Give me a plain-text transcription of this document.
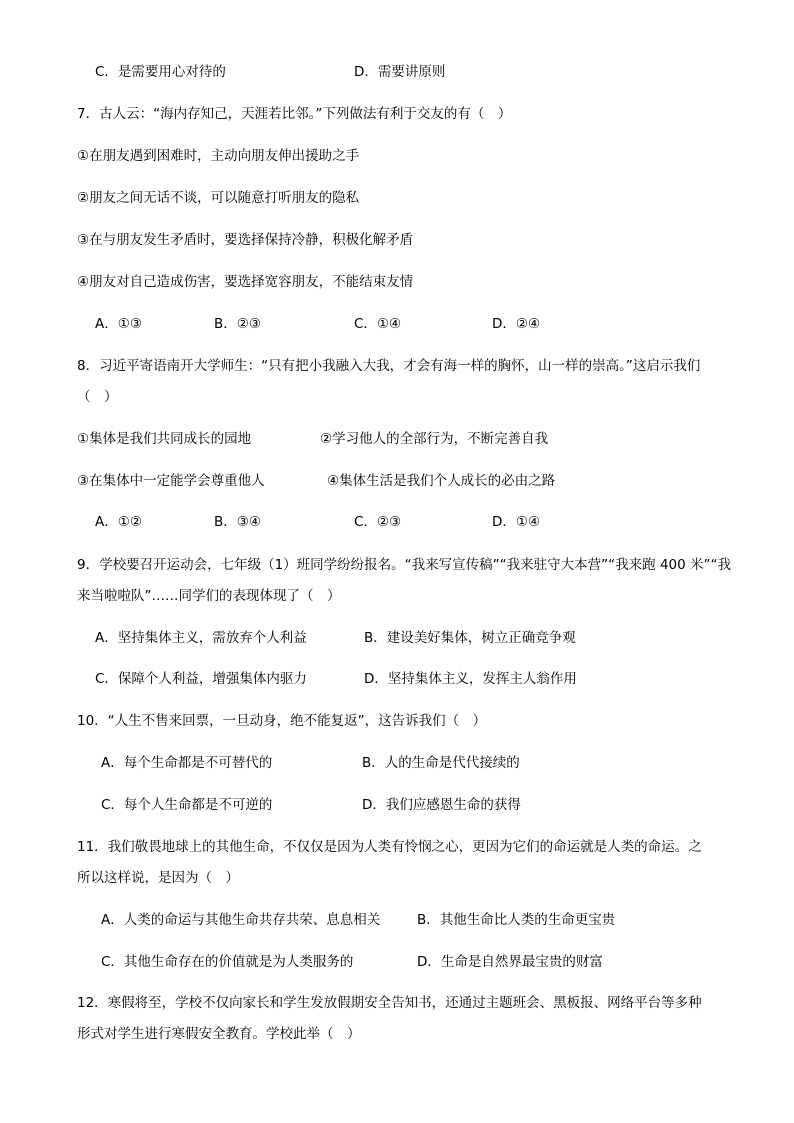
C．是需要用心对待的	D．需要讲原则
7．古人云：“海内存知己，天涯若比邻。”下列做法有利于交友的有（　）
①在朋友遇到困难时，主动向朋友伸出援助之手
②朋友之间无话不谈，可以随意打听朋友的隐私
③在与朋友发生矛盾时，要选择保持冷静，积极化解矛盾
④朋友对自己造成伤害，要选择宽容朋友，不能结束友情
A．①③	B．②③	C．①④	D．②④
8．习近平寄语南开大学师生：“只有把小我融入大我，才会有海一样的胸怀，山一样的崇高。”这启示我们
（　）
①集体是我们共同成长的园地	②学习他人的全部行为，不断完善自我
③在集体中一定能学会尊重他人	④集体生活是我们个人成长的必由之路
A．①②	B．③④	C．②③	D．①④
9．学校要召开运动会，七年级（1）班同学纷纷报名。“我来写宣传稿”“我来驻守大本营”“我来跑 400 米”“我
来当啦啦队”……同学们的表现体现了（　）
A．坚持集体主义，需放弃个人利益	B．建设美好集体，树立正确竞争观
C．保障个人利益，增强集体内驱力	D．坚持集体主义，发挥主人翁作用
10．“人生不售来回票，一旦动身，绝不能复返”，这告诉我们（　）
A．每个生命都是不可替代的	B．人的生命是代代接续的
C．每个人生命都是不可逆的	D．我们应感恩生命的获得
11．我们敬畏地球上的其他生命，不仅仅是因为人类有怜悯之心，更因为它们的命运就是人类的命运。之
所以这样说，是因为（　）
A．人类的命运与其他生命共存共荣、息息相关	B．其他生命比人类的生命更宝贵
C．其他生命存在的价值就是为人类服务的	D．生命是自然界最宝贵的财富
12．寒假将至，学校不仅向家长和学生发放假期安全告知书，还通过主题班会、黑板报、网络平台等多种
形式对学生进行寒假安全教育。学校此举（　）
